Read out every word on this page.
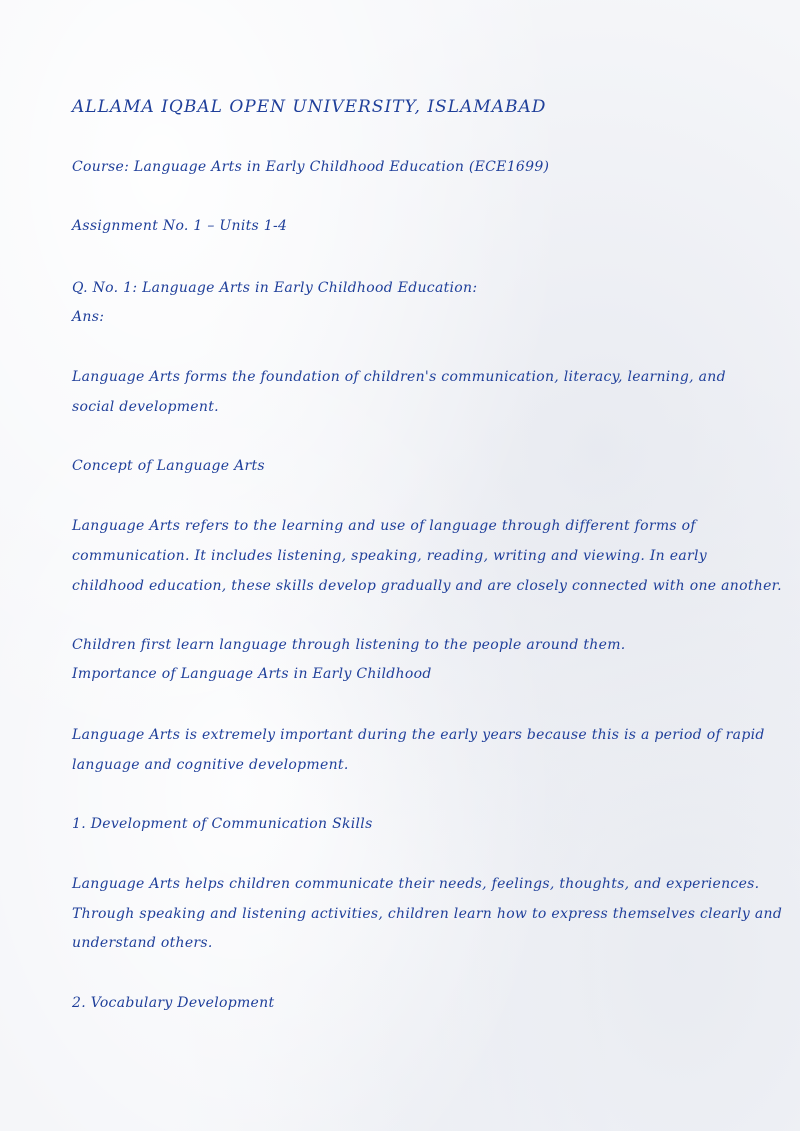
ALLAMA IQBAL OPEN UNIVERSITY, ISLAMABAD

Course: Language Arts in Early Childhood Education (ECE1699)

Assignment No. 1 – Units 1-4

Q. No. 1: Language Arts in Early Childhood Education:

Ans:

Language Arts forms the foundation of children's communication, literacy, learning, and

social development.

Concept of Language Arts

Language Arts refers to the learning and use of language through different forms of

communication. It includes listening, speaking, reading, writing and viewing. In early

childhood education, these skills develop gradually and are closely connected with one another.

Children first learn language through listening to the people around them.

Importance of Language Arts in Early Childhood

Language Arts is extremely important during the early years because this is a period of rapid

language and cognitive development.

1. Development of Communication Skills

Language Arts helps children communicate their needs, feelings, thoughts, and experiences.

Through speaking and listening activities, children learn how to express themselves clearly and

understand others.

2. Vocabulary Development
